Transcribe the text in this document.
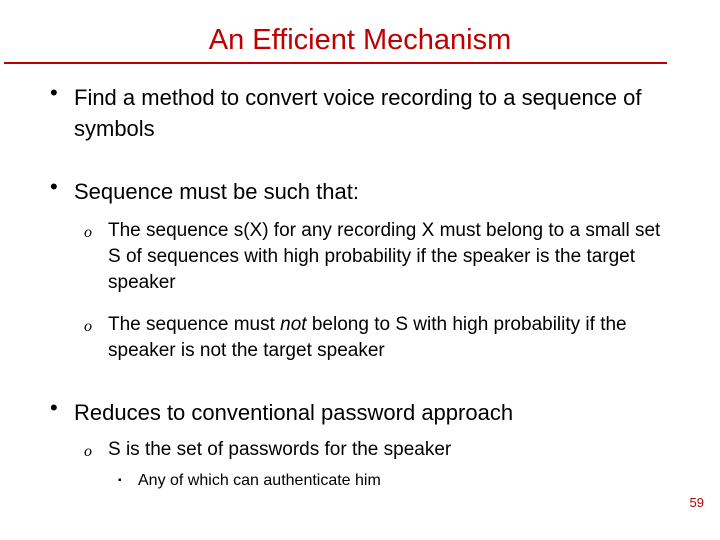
An Efficient Mechanism
• Find a method to convert voice recording to a sequence of symbols
• Sequence must be such that:
o The sequence s(X) for any recording X must belong to a small set S of sequences with high probability if the speaker is the target speaker
o The sequence must not belong to S with high probability if the speaker is not the target speaker
• Reduces to conventional password approach
o S is the set of passwords for the speaker
▪ Any of which can authenticate him
59
